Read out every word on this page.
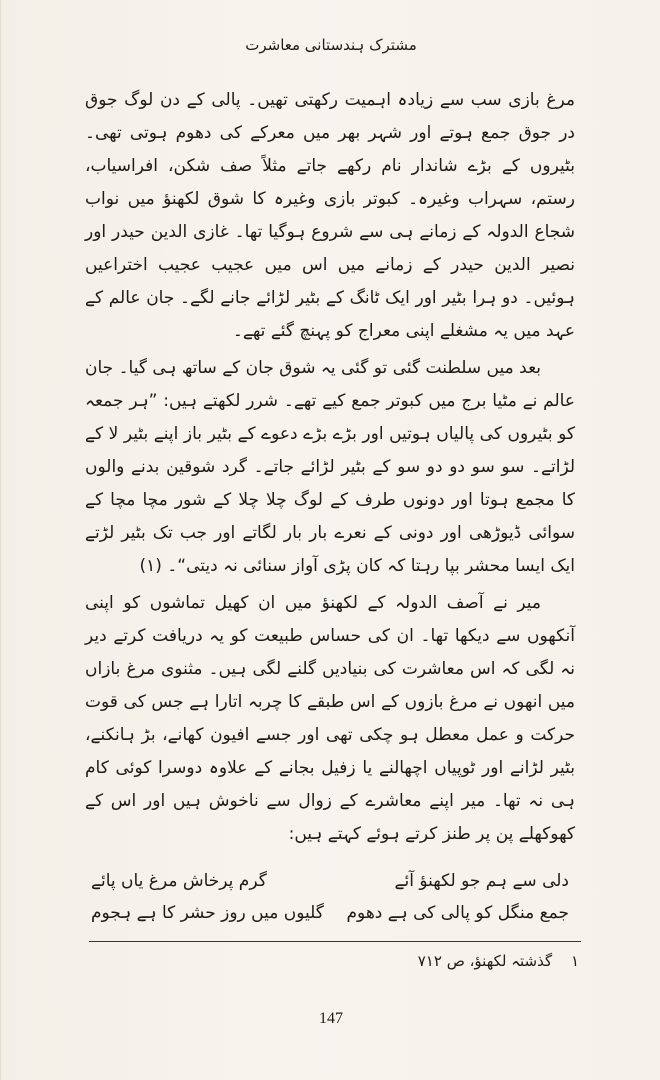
مشترک ہندستانی معاشرت

مرغ بازی سب سے زیادہ اہمیت رکھتی تھیں۔ پالی کے دن لوگ جوق در جوق جمع ہوتے اور شہر بھر میں معرکے کی دھوم ہوتی تھی۔ بٹیروں کے بڑے شاندار نام رکھے جاتے مثلاً صف شکن، افراسیاب، رستم، سہراب وغیرہ۔ کبوتر بازی وغیرہ کا شوق لکھنؤ میں نواب شجاع الدولہ کے زمانے ہی سے شروع ہوگیا تھا۔ غازی الدین حیدر اور نصیر الدین حیدر کے زمانے میں اس میں عجیب عجیب اختراعیں ہوئیں۔ دو ہرا بٹیر اور ایک ٹانگ کے بٹیر لڑائے جانے لگے۔ جان عالم کے عہد میں یہ مشغلے اپنی معراج کو پہنچ گئے تھے۔

بعد میں سلطنت گئی تو گئی یہ شوق جان کے ساتھ ہی گیا۔ جان عالم نے مٹیا برج میں کبوتر جمع کیے تھے۔ شرر لکھتے ہیں: ”ہر جمعہ کو بٹیروں کی پالیاں ہوتیں اور بڑے بڑے دعوے کے بٹیر باز اپنے بٹیر لا کے لڑاتے۔ سو سو دو دو سو کے بٹیر لڑائے جاتے۔ گرد شوقین بدنے والوں کا مجمع ہوتا اور دونوں طرف کے لوگ چلا چلا کے شور مچا مچا کے سوائی ڈیوڑھی اور دونی کے نعرے بار بار لگاتے اور جب تک بٹیر لڑتے ایک ایسا محشر بپا رہتا کہ کان پڑی آواز سنائی نہ دیتی“۔ (۱)

میر نے آصف الدولہ کے لکھنؤ میں ان کھیل تماشوں کو اپنی آنکھوں سے دیکھا تھا۔ ان کی حساس طبیعت کو یہ دریافت کرتے دیر نہ لگی کہ اس معاشرت کی بنیادیں گلنے لگی ہیں۔ مثنوی مرغ بازاں میں انھوں نے مرغ بازوں کے اس طبقے کا چربہ اتارا ہے جس کی قوت حرکت و عمل معطل ہو چکی تھی اور جسے افیون کھانے، بڑ ہانکنے، بٹیر لڑانے اور ٹوپیاں اچھالنے یا زفیل بجانے کے علاوہ دوسرا کوئی کام ہی نہ تھا۔ میر اپنے معاشرے کے زوال سے ناخوش ہیں اور اس کے کھوکھلے پن پر طنز کرتے ہوئے کہتے ہیں:

دلی سے ہم جو لکھنؤ آئے
گرم پرخاش مرغ یاں پائے
جمع منگل کو پالی کی ہے دھوم
گلیوں میں روز حشر کا ہے ہجوم
۱ گذشتہ لکھنؤ، ص ۷۱۲
147
